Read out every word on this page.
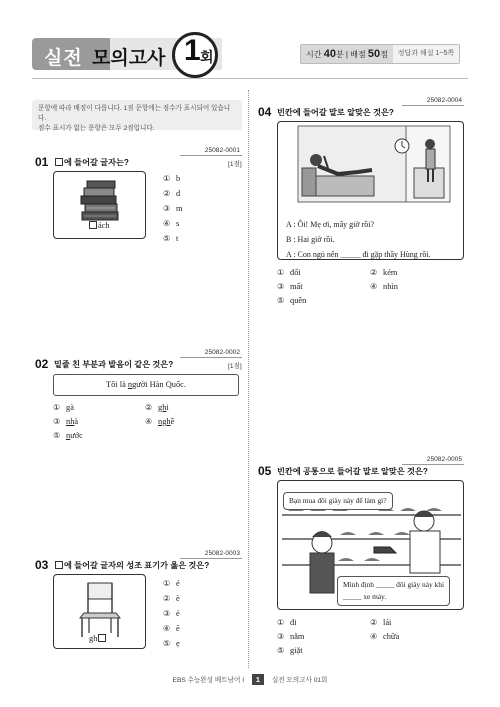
실전 모의고사 1 회	시간 40분 | 배점 50점	정답과 해설 1~5쪽
문항에 따라 배점이 다릅니다. 1점 문항에는 점수가 표시되어 있습니다.
점수 표시가 없는 문항은 모두 2점입니다.
25082-0001
01	에 들어갈 글자는?	[1점]
ách
① b
② d
③ m
④ s
⑤ t
25082-0002
02 밑줄 친 부분과 발음이 같은 것은?	[1점]
Tôi là người Hàn Quốc.
① gà	② ghi
③ nhà	④ nghề
⑤ nước
25082-0003
03	에 들어갈 글자의 성조 표기가 옳은 것은?
gh
① é
② è
③ ẻ
④ ẽ
⑤ ẹ
25082-0004
04 빈칸에 들어갈 말로 알맞은 것은?
A : Ôi! Mẹ ơi, mấy giờ rồi?
B : Hai giờ rồi.
A : Con ngủ nên _____ đi gặp thầy Hùng rồi.
① đổi	② kém
③ mất	④ nhìn
⑤ quên
25082-0005
05 빈칸에 공통으로 들어갈 말로 알맞은 것은?
Bạn mua đôi giày này để làm gì?
Mình định _____ đôi giày này khi
_____ xe máy.
① đi	② lái
③ nằm	④ chữa
⑤ giặt
EBS 수능완성 베트남어 I 1 실전 모의고사 01회
